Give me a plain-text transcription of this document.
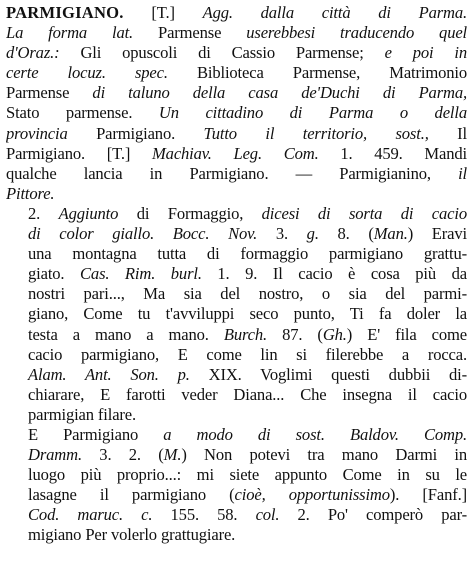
PARMIGIANO. [T.] Agg. dalla città di Parma.
La forma lat. Parmense userebbesi traducendo quel
d'Oraz.: Gli opuscoli di Cassio Parmense; e poi in
certe locuz. spec. Biblioteca Parmense, Matrimonio
Parmense di taluno della casa de'Duchi di Parma,
Stato parmense. Un cittadino di Parma o della
provincia Parmigiano. Tutto il territorio, sost., Il
Parmigiano. [T.] Machiav. Leg. Com. 1. 459. Mandi
qualche lancia in Parmigiano. — Parmigianino, il
Pittore.
2. Aggiunto di Formaggio, dicesi di sorta di cacio
di color giallo. Bocc. Nov. 3. g. 8. (Man.) Eravi
una montagna tutta di formaggio parmigiano grattu-
giato. Cas. Rim. burl. 1. 9. Il cacio è cosa più da
nostri pari..., Ma sia del nostro, o sia del parmi-
giano, Come tu t'avviluppi seco punto, Ti fa doler la
testa a mano a mano. Burch. 87. (Gh.) E' fila come
cacio parmigiano, E come lin si filerebbe a rocca.
Alam. Ant. Son. p. XIX. Voglimi questi dubbii di-
chiarare, E farotti veder Diana... Che insegna il cacio
parmigian filare.
E Parmigiano a modo di sost. Baldov. Comp.
Dramm. 3. 2. (M.) Non potevi tra mano Darmi in
luogo più proprio...: mi siete appunto Come in su le
lasagne il parmigiano (cioè, opportunissimo). [Fanf.]
Cod. maruc. c. 155. 58. col. 2. Po' comperò par-
migiano Per volerlo grattugiare.
